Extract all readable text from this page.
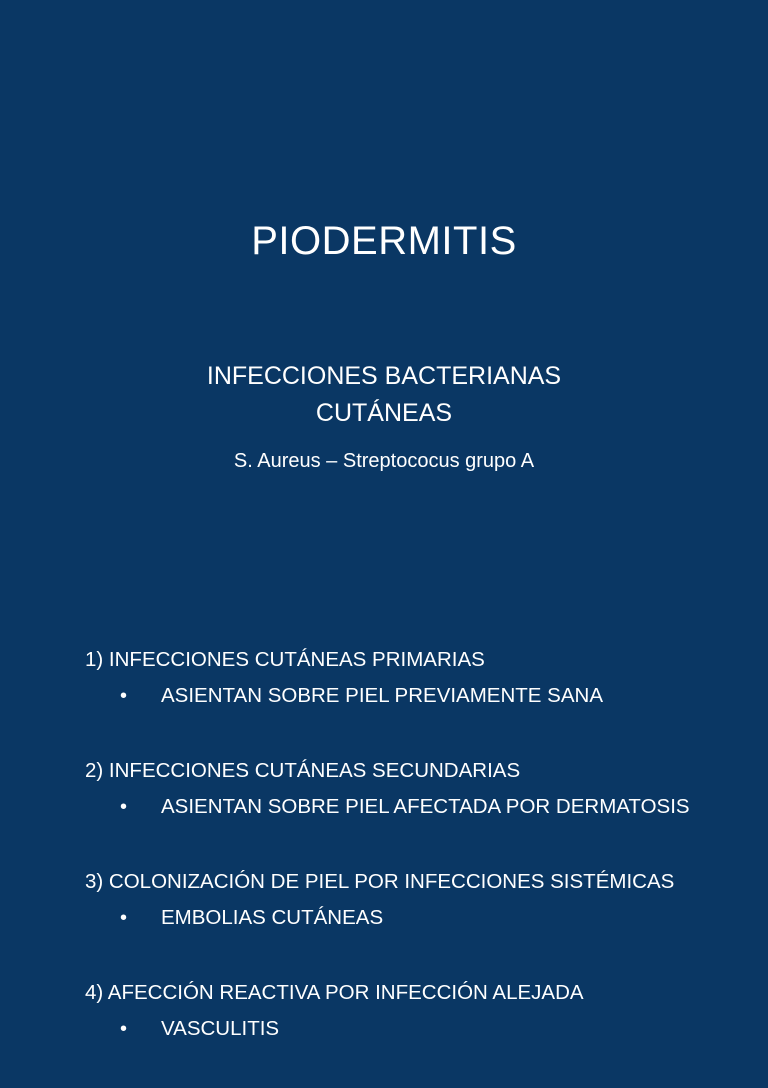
PIODERMITIS
INFECCIONES BACTERIANAS
CUTÁNEAS
S. Aureus – Streptococus grupo A
1) INFECCIONES CUTÁNEAS PRIMARIAS
• ASIENTAN SOBRE PIEL PREVIAMENTE SANA
2) INFECCIONES CUTÁNEAS SECUNDARIAS
• ASIENTAN SOBRE PIEL AFECTADA POR DERMATOSIS
3) COLONIZACIÓN DE PIEL POR INFECCIONES SISTÉMICAS
• EMBOLIAS CUTÁNEAS
4) AFECCIÓN REACTIVA POR INFECCIÓN ALEJADA
• VASCULITIS
